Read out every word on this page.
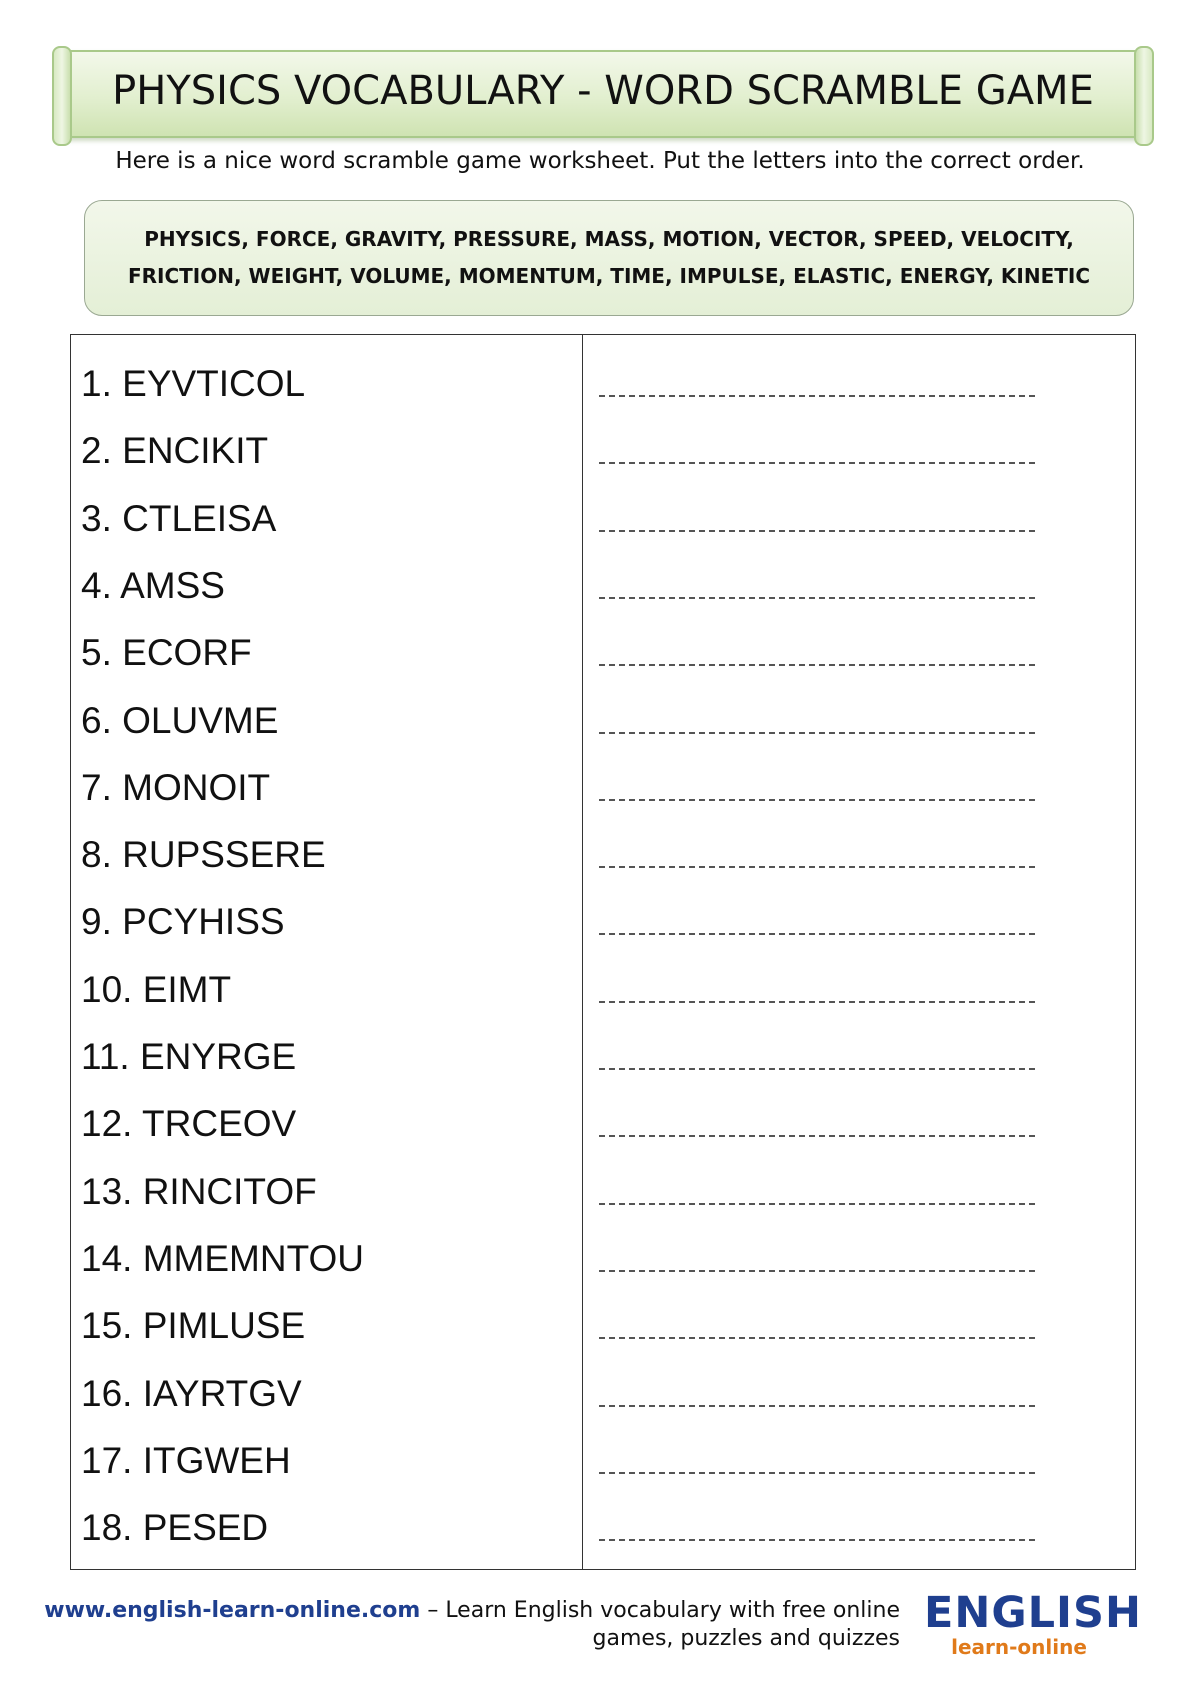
PHYSICS VOCABULARY - WORD SCRAMBLE GAME
Here is a nice word scramble game worksheet. Put the letters into the correct order.
PHYSICS, FORCE, GRAVITY, PRESSURE, MASS, MOTION, VECTOR, SPEED, VELOCITY,
FRICTION, WEIGHT, VOLUME, MOMENTUM, TIME, IMPULSE, ELASTIC, ENERGY, KINETIC
1. EYVTICOL
2. ENCIKIT
3. CTLEISA
4. AMSS
5. ECORF
6. OLUVME
7. MONOIT
8. RUPSSERE
9. PCYHISS
10. EIMT
11. ENYRGE
12. TRCEOV
13. RINCITOF
14. MMEMNTOU
15. PIMLUSE
16. IAYRTGV
17. ITGWEH
18. PESED
www.english-learn-online.com – Learn English vocabulary with free online
games, puzzles and quizzes
ENGLISH
learn-online
